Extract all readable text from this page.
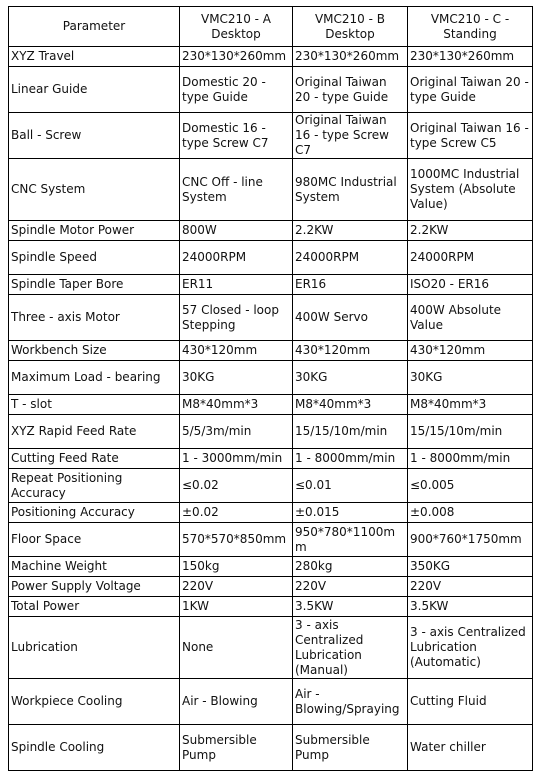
Parameter	VMC210 - A Desktop	VMC210 - B Desktop	VMC210 - C - Standing
XYZ Travel	230*130*260mm	230*130*260mm	230*130*260mm
Linear Guide	Domestic 20 - type Guide	Original Taiwan 20 - type Guide	Original Taiwan 20 - type Guide
Ball - Screw	Domestic 16 - type Screw C7	Original Taiwan 16 - type Screw C7	Original Taiwan 16 - type Screw C5
CNC System	CNC Off - line System	980MC Industrial System	1000MC Industrial System (Absolute Value)
Spindle Motor Power	800W	2.2KW	2.2KW
Spindle Speed	24000RPM	24000RPM	24000RPM
Spindle Taper Bore	ER11	ER16	ISO20 - ER16
Three - axis Motor	57 Closed - loop Stepping	400W Servo	400W Absolute Value
Workbench Size	430*120mm	430*120mm	430*120mm
Maximum Load - bearing	30KG	30KG	30KG
T - slot	M8*40mm*3	M8*40mm*3	M8*40mm*3
XYZ Rapid Feed Rate	5/5/3m/min	15/15/10m/min	15/15/10m/min
Cutting Feed Rate	1 - 3000mm/min	1 - 8000mm/min	1 - 8000mm/min
Repeat Positioning Accuracy	≤0.02	≤0.01	≤0.005
Positioning Accuracy	±0.02	±0.015	±0.008
Floor Space	570*570*850mm	950*780*1100mm	900*760*1750mm
Machine Weight	150kg	280kg	350KG
Power Supply Voltage	220V	220V	220V
Total Power	1KW	3.5KW	3.5KW
Lubrication	None	3 - axis Centralized Lubrication (Manual)	3 - axis Centralized Lubrication (Automatic)
Workpiece Cooling	Air - Blowing	Air - Blowing/Spraying	Cutting Fluid
Spindle Cooling	Submersible Pump	Submersible Pump	Water chiller
